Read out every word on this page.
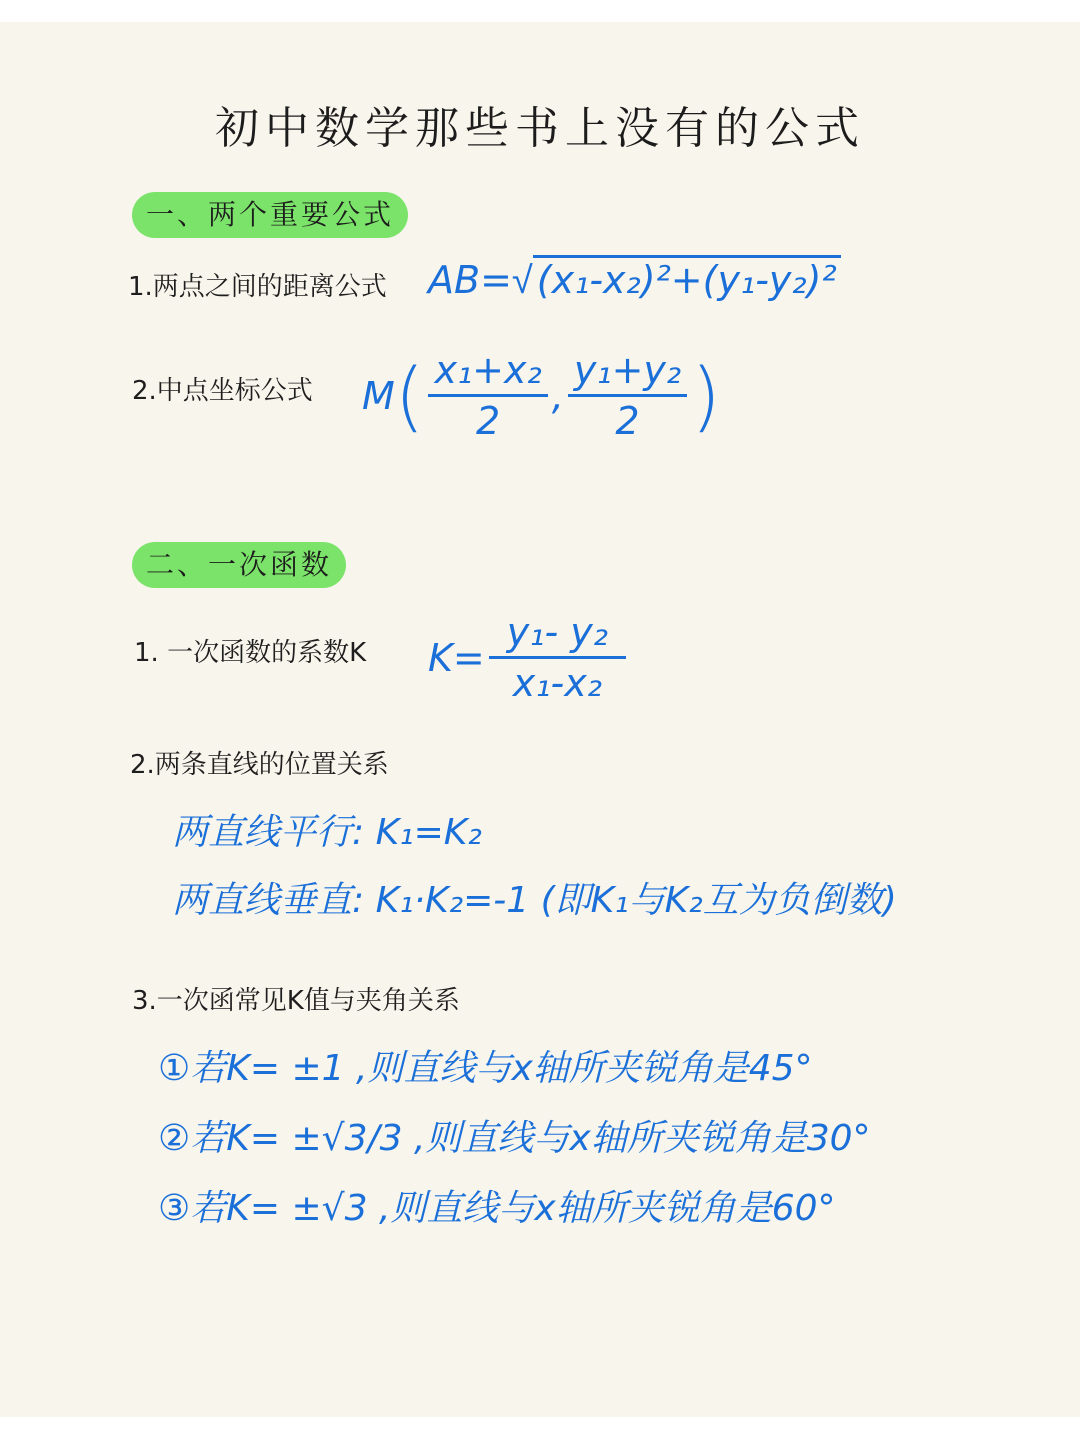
初中数学那些书上没有的公式
一、两个重要公式
1.两点之间的距离公式 AB=√ (x₁-x₂)²+(y₁-y₂)²
2.中点坐标公式 M ( $\frac{\text{x₁+x₂}}{2}$ , $\frac{\text{y₁+y₂}}{2}$ )
二、一次函数
1. 一次函数的系数K $K= \frac{\text{y₁- y₂}}{\text{x₁-x₂}}$
2.两条直线的位置关系
两直线平行: K₁=K₂
两直线垂直: K₁·K₂=-1 (即K₁与K₂互为负倒数)
3.一次函常见K值与夹角关系
①若K= ±1 ,则直线与x轴所夹锐角是45°
②若K= ±√3/3 ,则直线与x轴所夹锐角是30°
③若K= ±√3 ,则直线与x轴所夹锐角是60°
